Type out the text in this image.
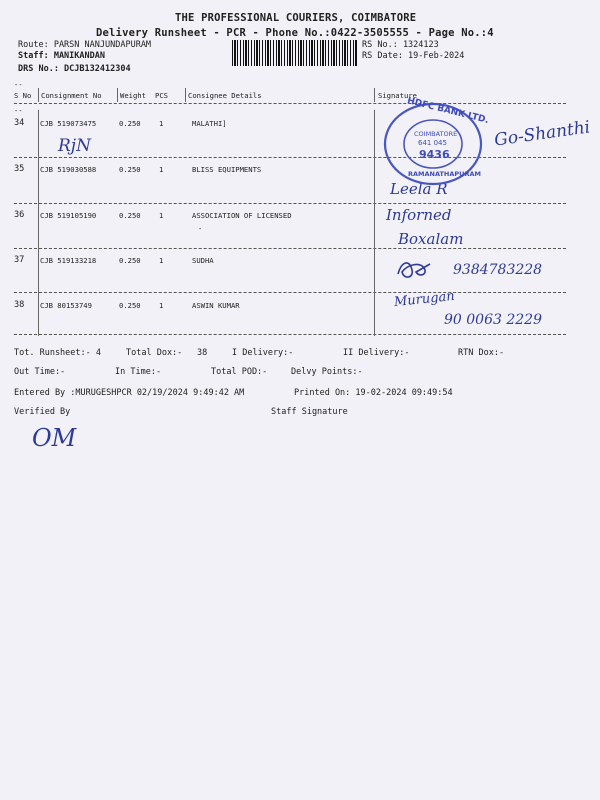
THE PROFESSIONAL COURIERS, COIMBATORE
Delivery Runsheet - PCR - Phone No.:0422-3505555 - Page No.:4
Route: PARSN NANJUNDAPURAM
Staff: MANIKANDAN
DRS No.: DCJB132412304
RS No.: 1324123
RS Date: 19-Feb-2024
--
S No Consignment No	Weight PCS	Consignee Details	Signature
--
34 CJB 519073475	0.250	1	MALATHI]
RjN	Go-Shanthi
35 CJB 519030588	0.250	1	BLISS EQUIPMENTS
Leela R
36 CJB 519105190	0.250	1	ASSOCIATION OF LICENSED
-
Inforned
Boxalam
37 CJB 519133218	0.250	1	SUDHA
9384783228
38 CJB 80153749	0.250	1	ASWIN KUMAR	Murugan
90 0063 2229
HDFC BANK LTD.
COIMBATORE
641 045
9436
RAMANATHAPURAM
Tot. Runsheet:- 4	Total Dox:- 38	I Delivery:-	II Delivery:-	RTN Dox:-
Out Time:-	In Time:-	Total POD:-	Delvy Points:-
Entered By :MURUGESHPCR 02/19/2024 9:49:42 AM	Printed On: 19-02-2024 09:49:54
Verified By	Staff Signature
OM
